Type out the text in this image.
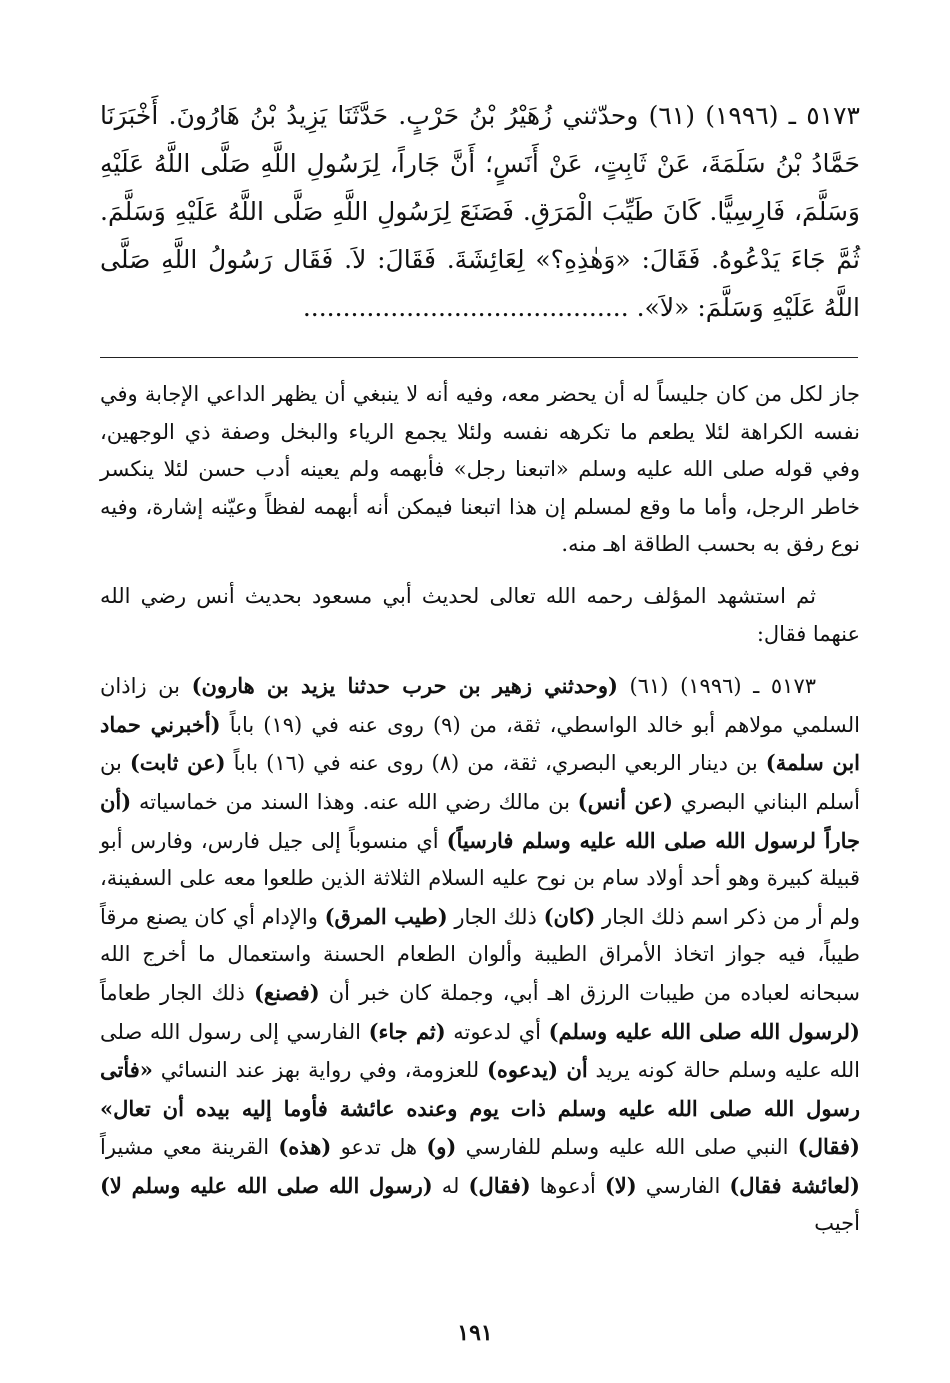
٥١٧٣ ـ (١٩٩٦) (٦١) وحدّثني زُهَيْرُ بْنُ حَرْبٍ. حَدَّثَنَا يَزِيدُ بْنُ هَارُونَ. أَخْبَرَنَا حَمَّادُ بْنُ سَلَمَةَ، عَنْ ثَابِتٍ، عَنْ أَنَسٍ؛ أَنَّ جَاراً، لِرَسُولِ اللَّهِ صَلَّى اللَّهُ عَلَيْهِ وَسَلَّمَ، فَارِسِيًّا. كَانَ طَيِّبَ الْمَرَقِ. فَصَنَعَ لِرَسُولِ اللَّهِ صَلَّى اللَّهُ عَلَيْهِ وَسَلَّمَ. ثُمَّ جَاءَ يَدْعُوهُ. فَقَالَ: «وَهٰذِهِ؟» لِعَائِشَةَ. فَقَالَ: لاَ. فَقَال رَسُولُ اللَّهِ صَلَّى اللَّهُ عَلَيْهِ وَسَلَّمَ: «لاَ». .........................................

جاز لكل من كان جليساً له أن يحضر معه، وفيه أنه لا ينبغي أن يظهر الداعي الإجابة وفي نفسه الكراهة لئلا يطعم ما تكرهه نفسه ولئلا يجمع الرياء والبخل وصفة ذي الوجهين، وفي قوله صلى الله عليه وسلم «اتبعنا رجل» فأبهمه ولم يعينه أدب حسن لئلا ينكسر خاطر الرجل، وأما ما وقع لمسلم إن هذا اتبعنا فيمكن أنه أبهمه لفظاً وعيّنه إشارة، وفيه نوع رفق به بحسب الطاقة اهـ منه.

ثم استشهد المؤلف رحمه الله تعالى لحديث أبي مسعود بحديث أنس رضي الله عنهما فقال:

٥١٧٣ ـ (١٩٩٦) (٦١) (وحدثني زهير بن حرب حدثنا يزيد بن هارون) بن زاذان السلمي مولاهم أبو خالد الواسطي، ثقة، من (٩) روى عنه في (١٩) باباً (أخبرني حماد ابن سلمة) بن دينار الربعي البصري، ثقة، من (٨) روى عنه في (١٦) باباً (عن ثابت) بن أسلم البناني البصري (عن أنس) بن مالك رضي الله عنه. وهذا السند من خماسياته (أن جاراً لرسول الله صلى الله عليه وسلم فارسياً) أي منسوباً إلى جيل فارس، وفارس أبو قبيلة كبيرة وهو أحد أولاد سام بن نوح عليه السلام الثلاثة الذين طلعوا معه على السفينة، ولم أر من ذكر اسم ذلك الجار (كان) ذلك الجار (طيب المرق) والإدام أي كان يصنع مرقاً طيباً، فيه جواز اتخاذ الأمراق الطيبة وألوان الطعام الحسنة واستعمال ما أخرج الله سبحانه لعباده من طيبات الرزق اهـ أبي، وجملة كان خبر أن (فصنع) ذلك الجار طعاماً (لرسول الله صلى الله عليه وسلم) أي لدعوته (ثم جاء) الفارسي إلى رسول الله صلى الله عليه وسلم حالة كونه يريد أن (يدعوه) للعزومة، وفي رواية بهز عند النسائي «فأتى رسول الله صلى الله عليه وسلم ذات يوم وعنده عائشة فأوما إليه بيده أن تعال» (فقال) النبي صلى الله عليه وسلم للفارسي (و) هل تدعو (هذه) القرينة معي مشيراً (لعائشة فقال) الفارسي (لا) أدعوها (فقال) له (رسول الله صلى الله عليه وسلم لا) أجيب

١٩١
